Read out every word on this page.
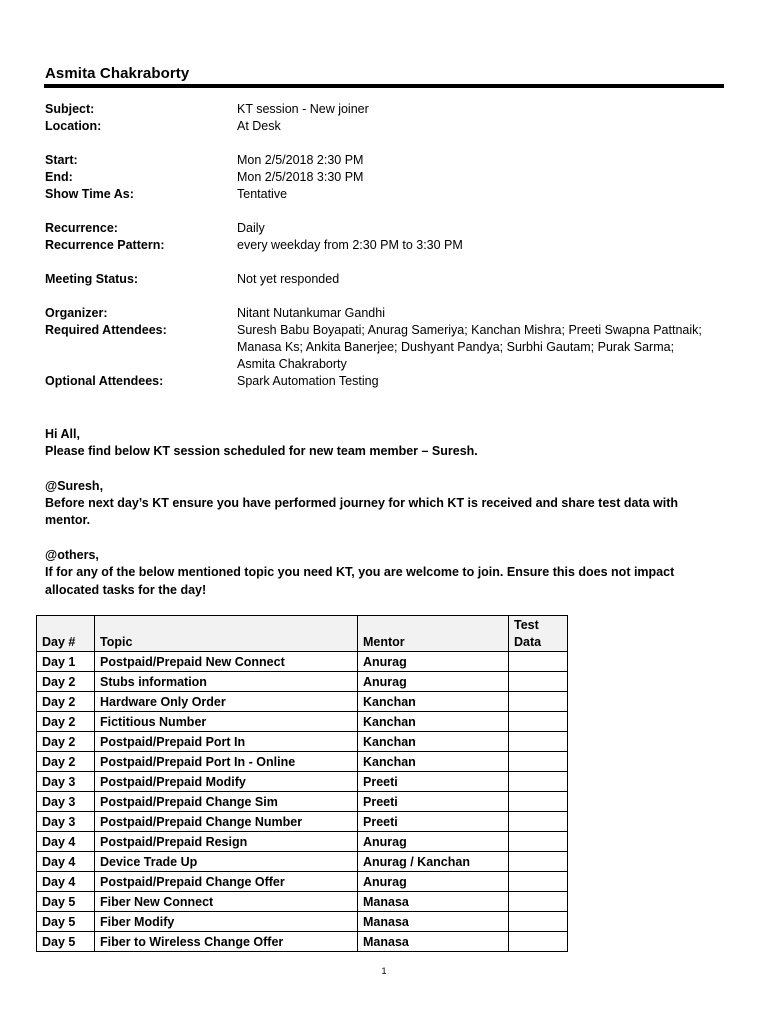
Asmita Chakraborty
Subject:	KT session - New joiner
Location:	At Desk
Start:	Mon 2/5/2018 2:30 PM
End:	Mon 2/5/2018 3:30 PM
Show Time As:	Tentative
Recurrence:	Daily
Recurrence Pattern:	every weekday from 2:30 PM to 3:30 PM
Meeting Status:	Not yet responded
Organizer:	Nitant Nutankumar Gandhi
Required Attendees:	Suresh Babu Boyapati; Anurag Sameriya; Kanchan Mishra; Preeti Swapna Pattnaik; Manasa Ks; Ankita Banerjee; Dushyant Pandya; Surbhi Gautam; Purak Sarma; Asmita Chakraborty
Optional Attendees:	Spark Automation Testing

Hi All,

Please find below KT session scheduled for new team member – Suresh.

@Suresh,

Before next day’s KT ensure you have performed journey for which KT is received and share test data with mentor.

@others,

If for any of the below mentioned topic you need KT, you are welcome to join. Ensure this does not impact allocated tasks for the day!

Day #	Topic	Mentor	Test Data
Day 1	Postpaid/Prepaid New Connect	Anurag	
Day 2	Stubs information	Anurag	
Day 2	Hardware Only Order	Kanchan	
Day 2	Fictitious Number	Kanchan	
Day 2	Postpaid/Prepaid Port In	Kanchan	
Day 2	Postpaid/Prepaid Port In - Online	Kanchan	
Day 3	Postpaid/Prepaid Modify	Preeti	
Day 3	Postpaid/Prepaid Change Sim	Preeti	
Day 3	Postpaid/Prepaid Change Number	Preeti	
Day 4	Postpaid/Prepaid Resign	Anurag	
Day 4	Device Trade Up	Anurag / Kanchan	
Day 4	Postpaid/Prepaid Change Offer	Anurag	
Day 5	Fiber New Connect	Manasa	
Day 5	Fiber Modify	Manasa	
Day 5	Fiber to Wireless Change Offer	Manasa	
1
